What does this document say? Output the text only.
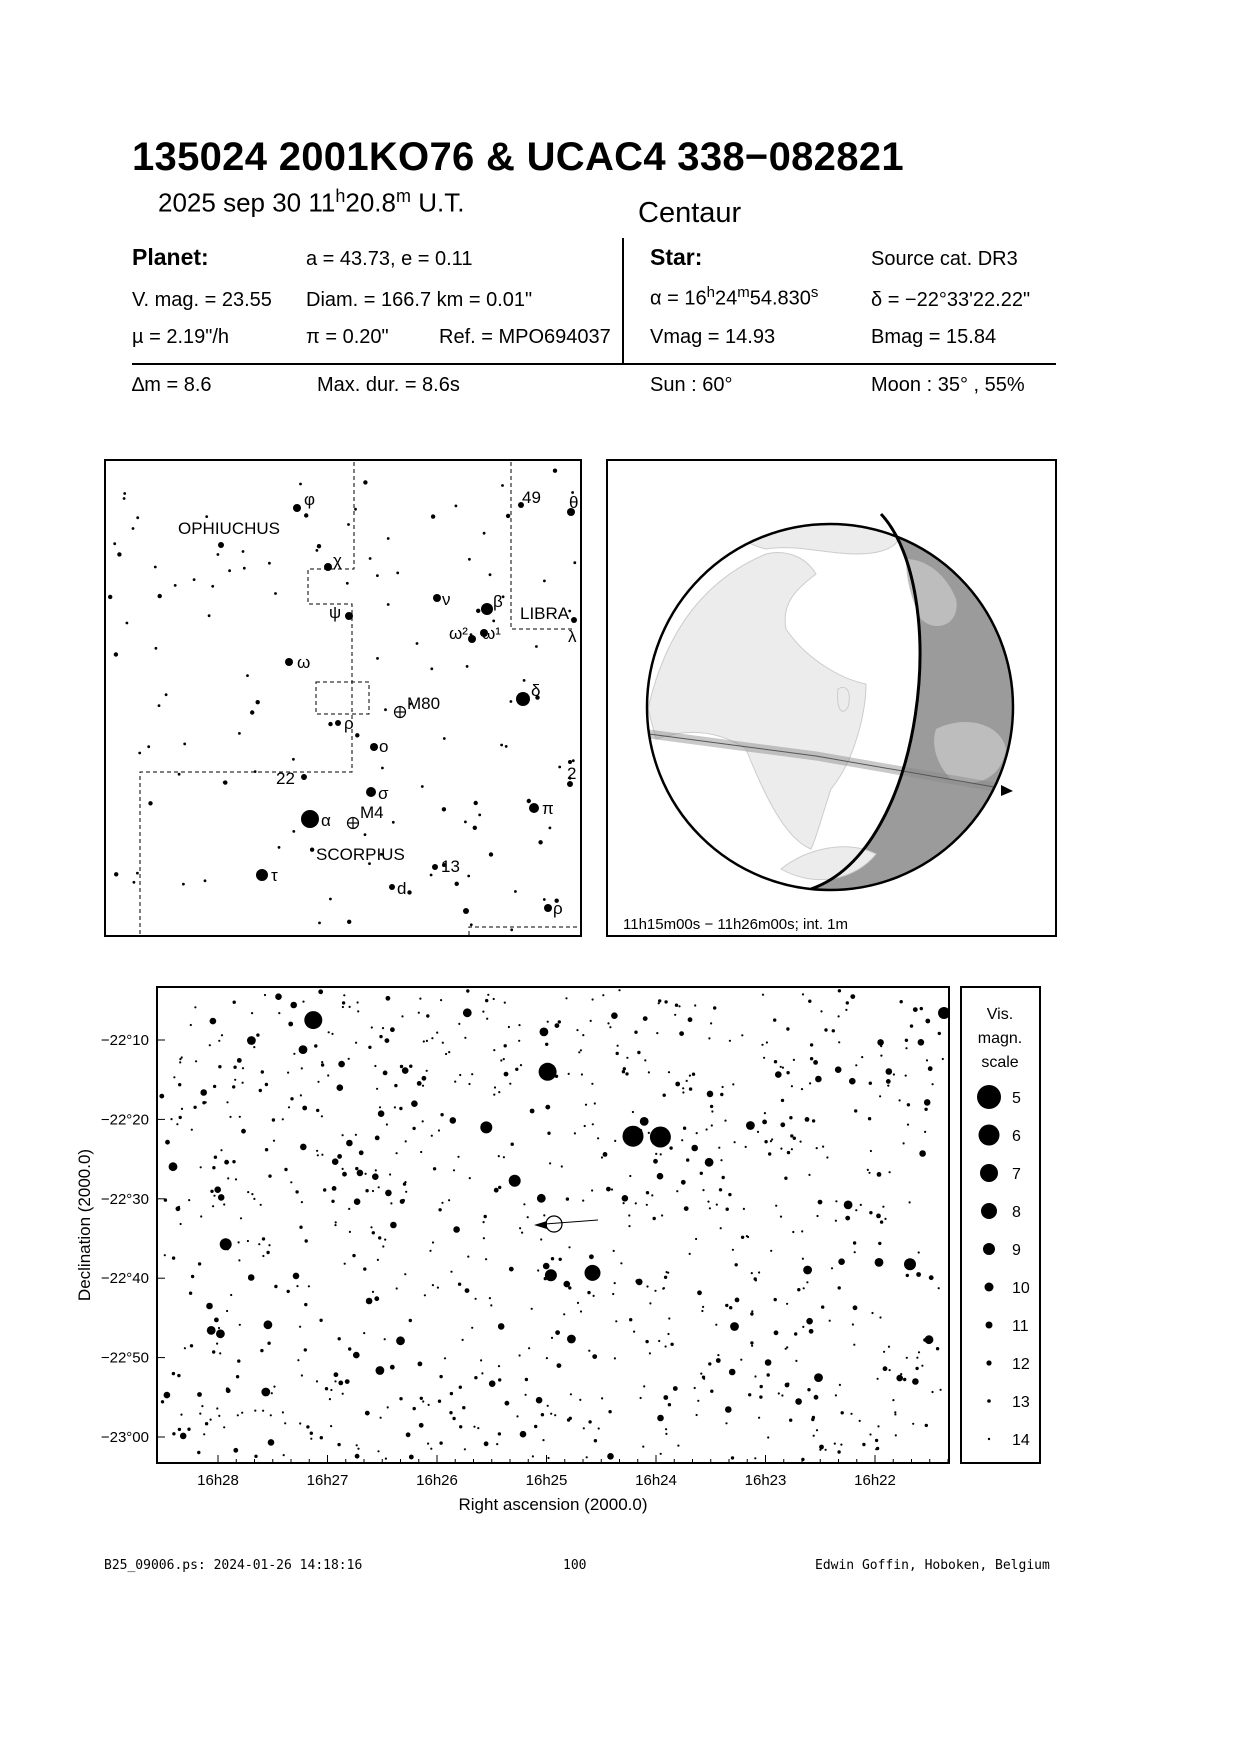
135024 2001KO76 & UCAC4 338−082821
2025 sep 30 11$^h$20.8$^m$ U.T.	Centaur
Planet:	a = 43.73, e = 0.11
V. mag. = 23.55 Diam. = 166.7 km = 0.01"
µ = 2.19"/h	π = 0.20"	Ref. = MPO694037
Star:	Source cat. DR3
$\alpha = 16^h24^m54.830^s$	δ = −22°33'22.22"
Vmag = 14.93	Bmag = 15.84
∆m = 8.6	Max. dur. = 8.6s	Sun : 60°	Moon : 35° , 55%
OPHIUCHUS
LIBRA
SCORPIUS
φ
χ
ψ
ω
ν	β
ω² ω¹
δ
ρ
o
σ
α
τ
π
θ
λ
M80
M4
22
49
13
d
2
ρ
11h15m00s − 11h26m00s; int. 1m
16h28	16h27	16h26	16h25	16h24	16h23	16h22
−22°10
−22°20
−22°30
−22°40
−22°50
−23°00
Right ascension (2000.0)
Declination (2000.0)
Vis.
magn.
scale
5
6
7
8
9
10
11
12
13
14
B25_09006.ps: 2024-01-26 14:18:16	100	Edwin Goffin, Hoboken, Belgium
